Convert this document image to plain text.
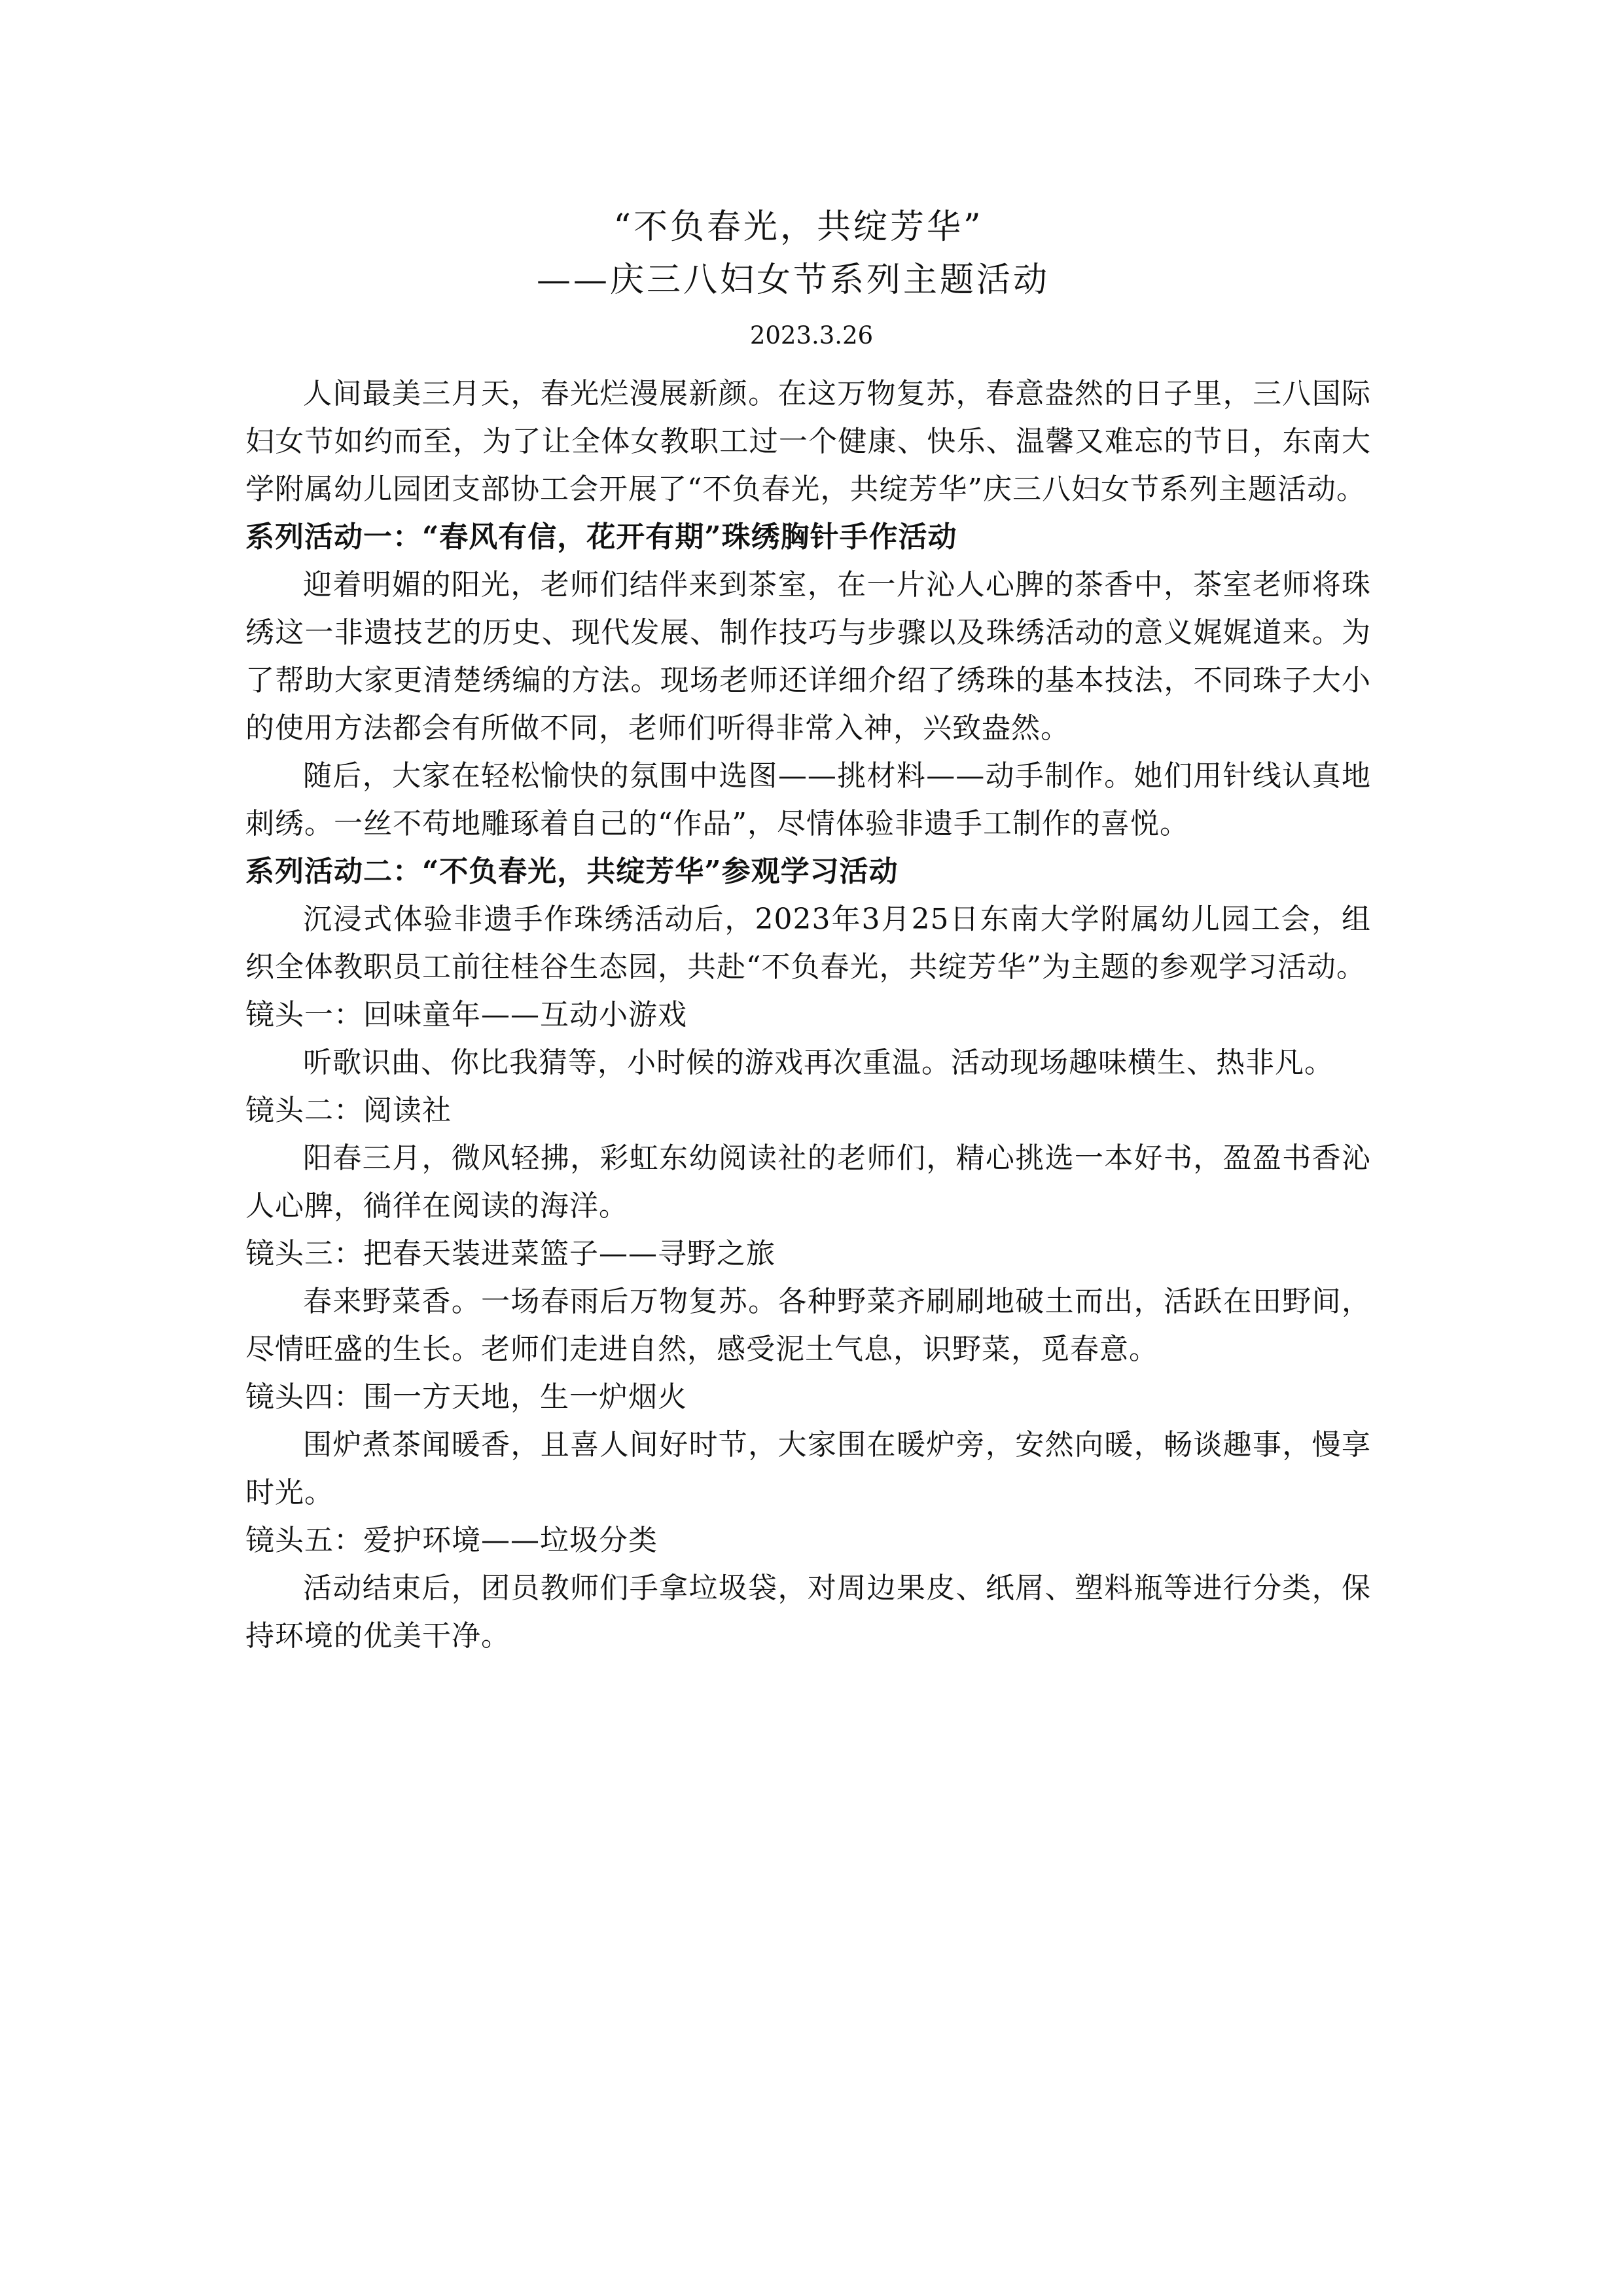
“不负春光，共绽芳华”
——庆三八妇女节系列主题活动
2023.3.26

人间最美三月天，春光烂漫展新颜。在这万物复苏，春意盎然的日子里，三八国际妇女节如约而至，为了让全体女教职工过一个健康、快乐、温馨又难忘的节日，东南大学附属幼儿园团支部协工会开展了“不负春光，共绽芳华”庆三八妇女节系列主题活动。

系列活动一：“春风有信，花开有期”珠绣胸针手作活动

迎着明媚的阳光，老师们结伴来到茶室，在一片沁人心脾的茶香中，茶室老师将珠绣这一非遗技艺的历史、现代发展、制作技巧与步骤以及珠绣活动的意义娓娓道来。为了帮助大家更清楚绣编的方法。现场老师还详细介绍了绣珠的基本技法，不同珠子大小的使用方法都会有所做不同，老师们听得非常入神，兴致盎然。

随后，大家在轻松愉快的氛围中选图——挑材料——动手制作。她们用针线认真地刺绣。一丝不苟地雕琢着自己的“作品”，尽情体验非遗手工制作的喜悦。

系列活动二：“不负春光，共绽芳华”参观学习活动

沉浸式体验非遗手作珠绣活动后，2023年3月25日东南大学附属幼儿园工会，组织全体教职员工前往桂谷生态园，共赴“不负春光，共绽芳华”为主题的参观学习活动。

镜头一：回味童年——互动小游戏

听歌识曲、你比我猜等，小时候的游戏再次重温。活动现场趣味横生、热非凡。

镜头二：阅读社

阳春三月，微风轻拂，彩虹东幼阅读社的老师们，精心挑选一本好书，盈盈书香沁人心脾，徜徉在阅读的海洋。

镜头三：把春天装进菜篮子——寻野之旅

春来野菜香。一场春雨后万物复苏。各种野菜齐刷刷地破土而出，活跃在田野间，尽情旺盛的生长。老师们走进自然，感受泥土气息，识野菜，觅春意。

镜头四：围一方天地，生一炉烟火

围炉煮茶闻暖香，且喜人间好时节，大家围在暖炉旁，安然向暖，畅谈趣事，慢享时光。

镜头五：爱护环境——垃圾分类

活动结束后，团员教师们手拿垃圾袋，对周边果皮、纸屑、塑料瓶等进行分类，保持环境的优美干净。
